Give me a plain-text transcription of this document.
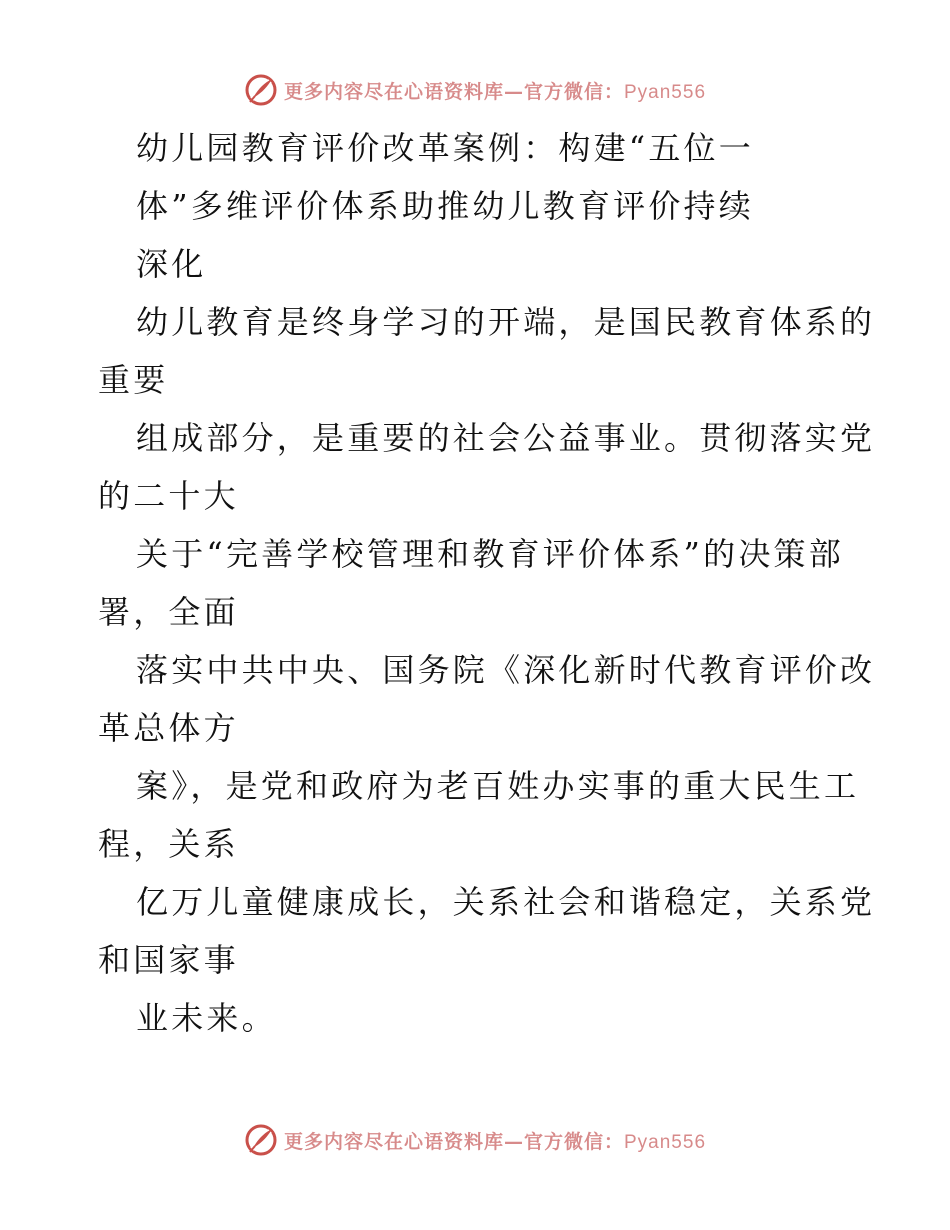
更多内容尽在心语资料库—官方微信：Pyan556
幼儿园教育评价改革案例：构建“五位一
体”多维评价体系助推幼儿教育评价持续
深化
幼儿教育是终身学习的开端，是国民教育体系的
重要
组成部分，是重要的社会公益事业。贯彻落实党
的二十大
关于“完善学校管理和教育评价体系”的决策部
署，全面
落实中共中央、国务院《深化新时代教育评价改
革总体方
案》，是党和政府为老百姓办实事的重大民生工
程，关系
亿万儿童健康成长，关系社会和谐稳定，关系党
和国家事
业未来。
更多内容尽在心语资料库—官方微信：Pyan556
